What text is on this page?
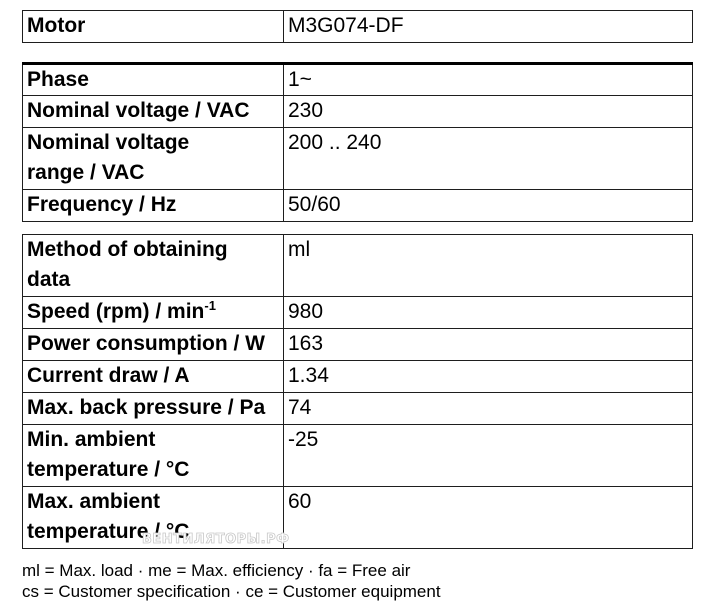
Motor	M3G074-DF
Phase	1~
Nominal voltage / VAC	230
Nominal voltage
range / VAC	200 .. 240
Frequency / Hz	50/60
Method of obtaining
data	ml
Speed $(rpm) / \min^{-1}$	980
Power consumption / W	163
Current draw / A	1.34
Max. back pressure / Pa	74
Min. ambient
temperature / °C	-25
Max. ambient
temperature / °C	60
ВЕНТИЛЯТОРЫ.РФ
ml = Max. load · me = Max. efficiency · fa = Free air
cs = Customer specification · ce = Customer equipment
